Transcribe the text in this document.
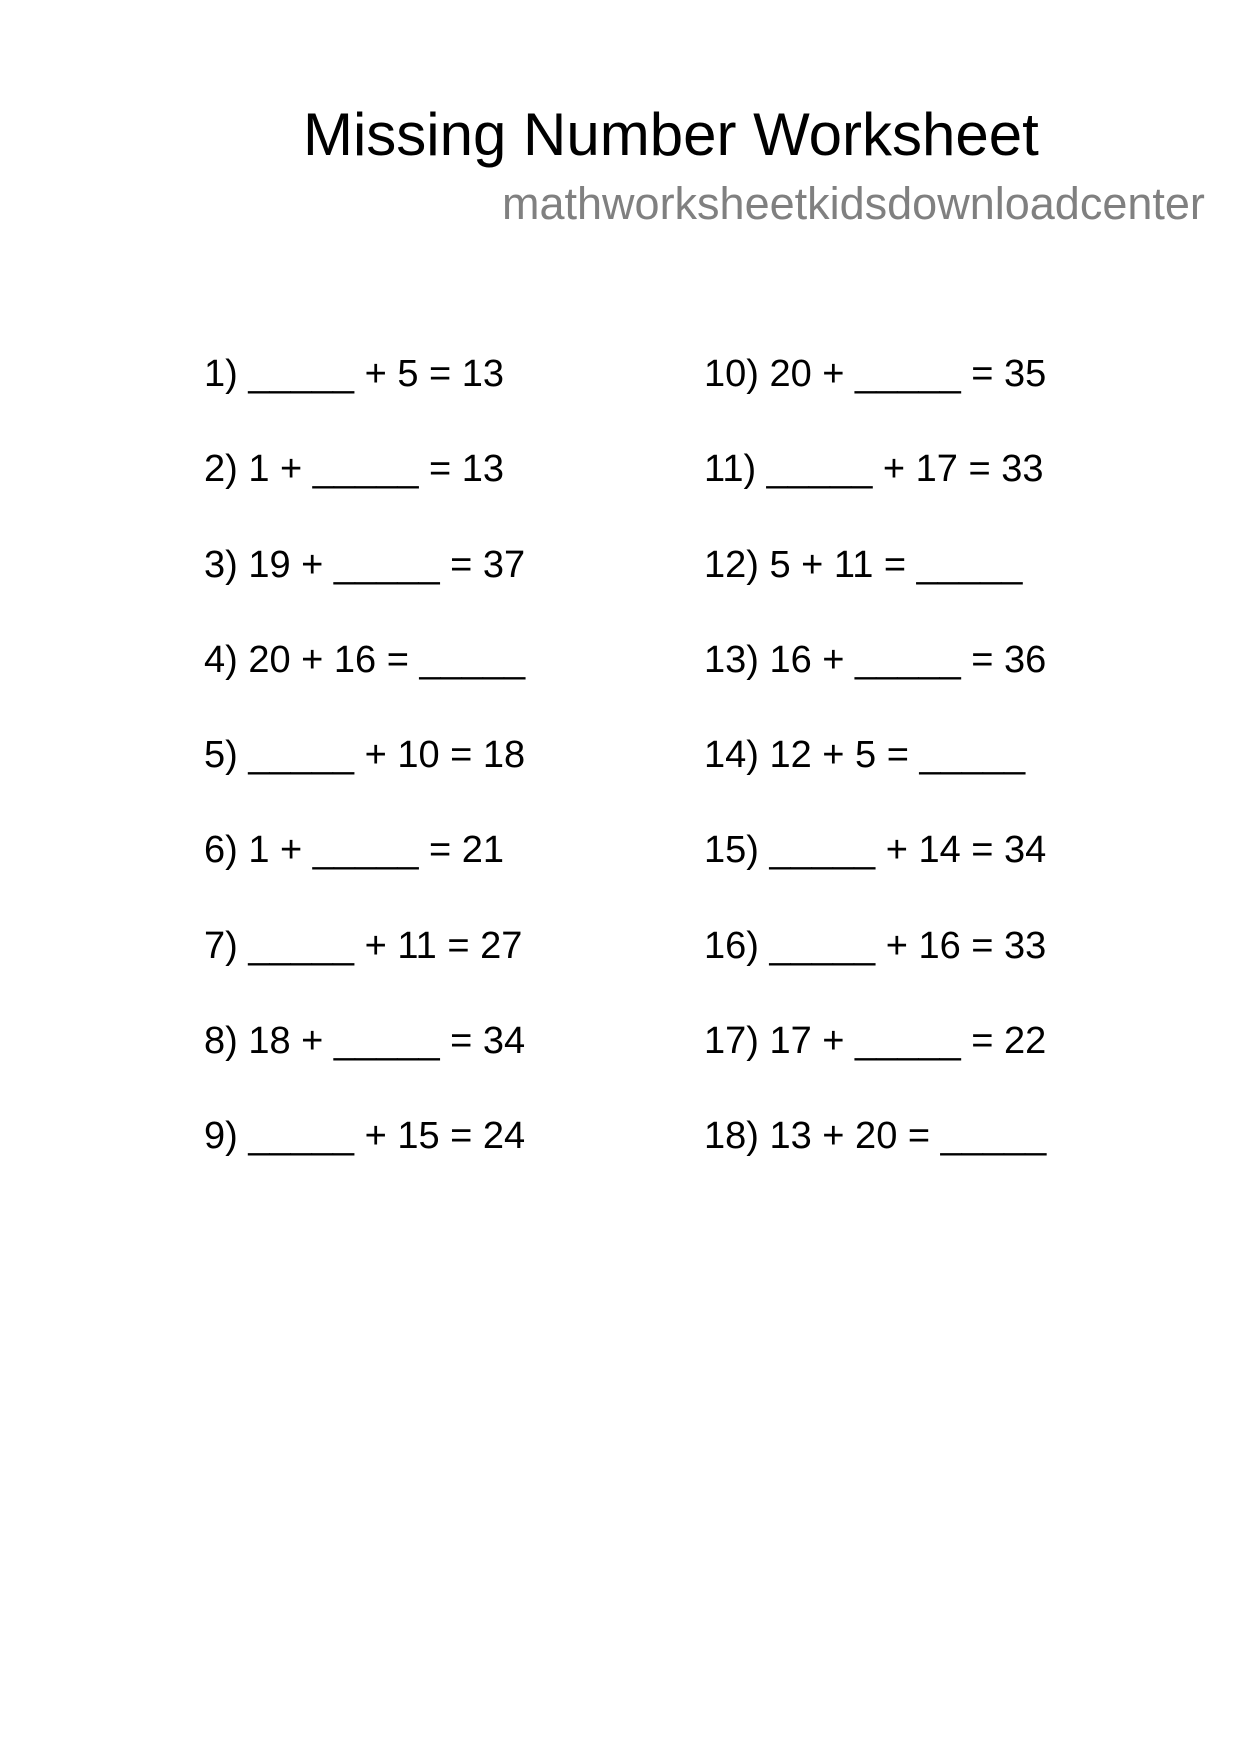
Missing Number Worksheet
mathworksheetkidsdownloadcenter
1) _____ + 5 = 13
2) 1 + _____ = 13
3) 19 + _____ = 37
4) 20 + 16 = _____
5) _____ + 10 = 18
6) 1 + _____ = 21
7) _____ + 11 = 27
8) 18 + _____ = 34
9) _____ + 15 = 24
10) 20 + _____ = 35
11) _____ + 17 = 33
12) 5 + 11 = _____
13) 16 + _____ = 36
14) 12 + 5 = _____
15) _____ + 14 = 34
16) _____ + 16 = 33
17) 17 + _____ = 22
18) 13 + 20 = _____
